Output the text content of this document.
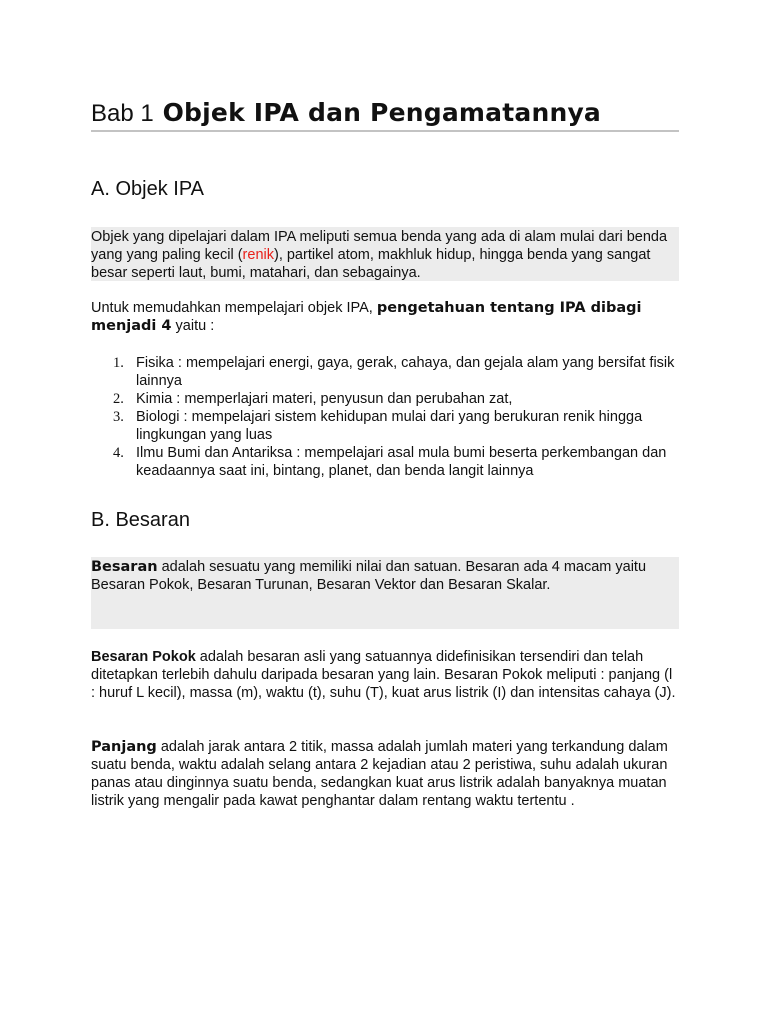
Bab 1 Objek IPA dan Pengamatannya
A. Objek IPA
Objek yang dipelajari dalam IPA meliputi semua benda yang ada di alam mulai dari benda yang yang paling kecil (renik), partikel atom, makhluk hidup, hingga benda yang sangat besar seperti laut, bumi, matahari, dan sebagainya.

Untuk memudahkan mempelajari objek IPA, pengetahuan tentang IPA dibagi menjadi 4 yaitu :

1. Fisika : mempelajari energi, gaya, gerak, cahaya, dan gejala alam yang bersifat fisik lainnya
2. Kimia : memperlajari materi, penyusun dan perubahan zat,
3. Biologi : mempelajari sistem kehidupan mulai dari yang berukuran renik hingga lingkungan yang luas
4. Ilmu Bumi dan Antariksa : mempelajari asal mula bumi beserta perkembangan dan keadaannya saat ini, bintang, planet, dan benda langit lainnya
B. Besaran
Besaran adalah sesuatu yang memiliki nilai dan satuan. Besaran ada 4 macam yaitu Besaran Pokok, Besaran Turunan, Besaran Vektor dan Besaran Skalar.

Besaran Pokok adalah besaran asli yang satuannya didefinisikan tersendiri dan telah ditetapkan terlebih dahulu daripada besaran yang lain. Besaran Pokok meliputi : panjang (l : huruf L kecil), massa (m), waktu (t), suhu (T), kuat arus listrik (I) dan intensitas cahaya (J).

Panjang adalah jarak antara 2 titik, massa adalah jumlah materi yang terkandung dalam suatu benda, waktu adalah selang antara 2 kejadian atau 2 peristiwa, suhu adalah ukuran panas atau dinginnya suatu benda, sedangkan kuat arus listrik adalah banyaknya muatan listrik yang mengalir pada kawat penghantar dalam rentang waktu tertentu .
